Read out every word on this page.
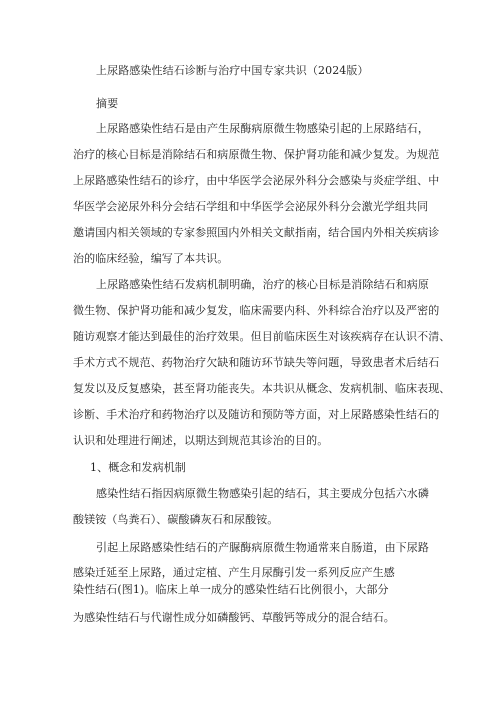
上尿路感染性结石诊断与治疗中国专家共识（2024版）
摘要
上尿路感染性结石是由产生尿酶病原微生物感染引起的上尿路结石，
治疗的核心目标是消除结石和病原微生物、保护肾功能和减少复发。为规范
上尿路感染性结石的诊疗，由中华医学会泌尿外科分会感染与炎症学组、中
华医学会泌尿外科分会结石学组和中华医学会泌尿外科分会激光学组共同
邀请国内相关领域的专家参照国内外相关文献指南，结合国内外相关疾病诊
治的临床经验，编写了本共识。
上尿路感染性结石发病机制明确，治疗的核心目标是消除结石和病原
微生物、保护肾功能和减少复发，临床需要内科、外科综合治疗以及严密的
随访观察才能达到最佳的治疗效果。但目前临床医生对该疾病存在认识不清、
手术方式不规范、药物治疗欠缺和随访环节缺失等问题，导致患者术后结石
复发以及反复感染，甚至肾功能丧失。本共识从概念、发病机制、临床表现、
诊断、手术治疗和药物治疗以及随访和预防等方面，对上尿路感染性结石的
认识和处理进行阐述，以期达到规范其诊治的目的。
1、概念和发病机制
感染性结石指因病原微生物感染引起的结石，其主要成分包括六水磷
酸镁铵（鸟粪石）、碳酸磷灰石和尿酸铵。
引起上尿路感染性结石的产脲酶病原微生物通常来自肠道，由下尿路
感染迁延至上尿路，通过定植、产生月尿酶引发一系列反应产生感
染性结石(图1)。临床上单一成分的感染性结石比例很小，大部分
为感染性结石与代谢性成分如磷酸钙、草酸钙等成分的混合结石。
